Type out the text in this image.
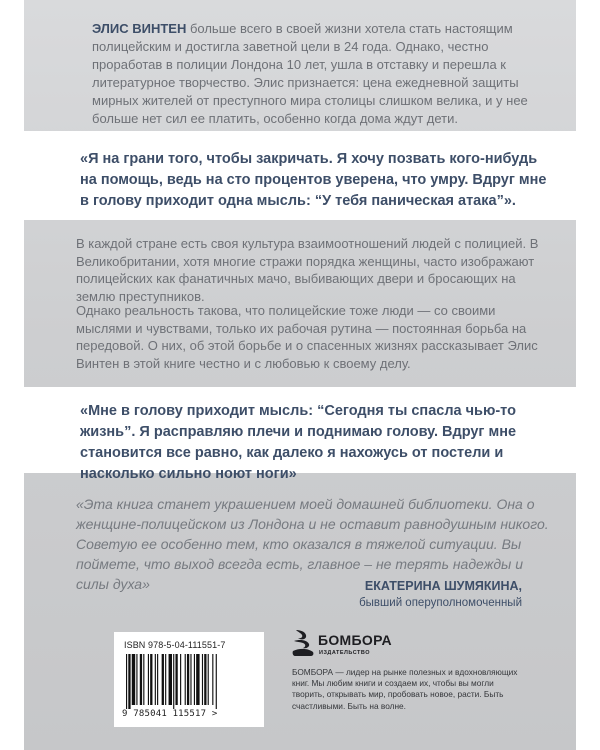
ЭЛИС ВИНТЕН больше всего в своей жизни хотела стать настоящим полицейским и достигла заветной цели в 24 года. Однако, честно проработав в полиции Лондона 10 лет, ушла в отставку и перешла к литературное творчество. Элис признается: цена ежедневной защиты мирных жителей от преступного мира столицы слишком велика, и у нее больше нет сил ее платить, особенно когда дома ждут дети.
«Я на грани того, чтобы закричать. Я хочу позвать кого-нибудь на помощь, ведь на сто процентов уверена, что умру. Вдруг мне в голову приходит одна мысль: “У тебя паническая атака”».
В каждой стране есть своя культура взаимоотношений людей с полицией. В Великобритании, хотя многие стражи порядка женщины, часто изображают полицейских как фанатичных мачо, выбивающих двери и бросающих на землю преступников.
Однако реальность такова, что полицейские тоже люди — со своими мыслями и чувствами, только их рабочая рутина — постоянная борьба на передовой. О них, об этой борьбе и о спасенных жизнях рассказывает Элис Винтен в этой книге честно и с любовью к своему делу.
«Мне в голову приходит мысль: “Сегодня ты спасла чью-то жизнь”. Я расправляю плечи и поднимаю голову. Вдруг мне становится все равно, как далеко я нахожусь от постели и насколько сильно ноют ноги»
«Эта книга станет украшением моей домашней библиотеки. Она о женщине-полицейском из Лондона и не оставит равнодушным никого. Советую ее особенно тем, кто оказался в тяжелой ситуации. Вы поймете, что выход всегда есть, главное – не терять надежды и силы духа»	ЕКАТЕРИНА ШУМЯКИНА,
бывший оперуполномоченный
ISBN 978-5-04-111551-7
9 785041 115517 >
БОМБОРА
ИЗДАТЕЛЬСТВО
БОМБОРА — лидер на рынке полезных и вдохновляющих книг. Мы любим книги и создаем их, чтобы вы могли творить, открывать мир, пробовать новое, расти. Быть счастливыми. Быть на волне.
